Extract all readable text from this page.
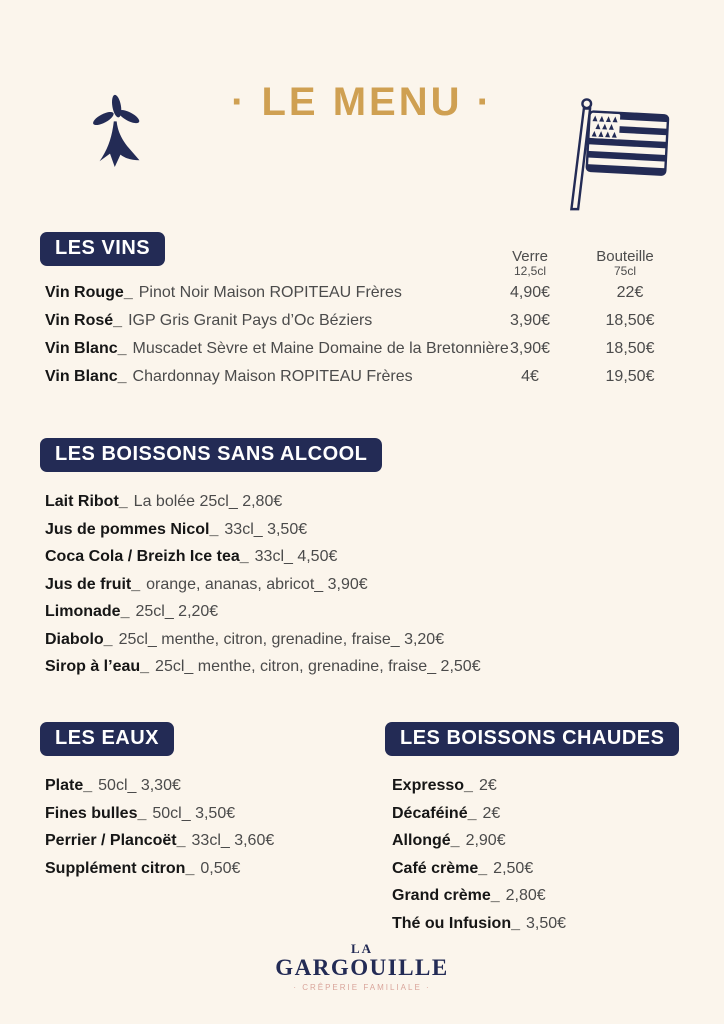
· LE MENU ·
LES VINS	Verre
12,5cl
Bouteille
75cl
Vin Rouge_ Pinot Noir Maison ROPITEAU Frères	4,90€	22€
Vin Rosé_ IGP Gris Granit Pays d’Oc Béziers	3,90€	18,50€
Vin Blanc_ Muscadet Sèvre et Maine Domaine de la Bretonnière 3,90€	18,50€
Vin Blanc_ Chardonnay Maison ROPITEAU Frères	4€	19,50€
LES BOISSONS SANS ALCOOL
Lait Ribot_ La bolée 25cl_ 2,80€
Jus de pommes Nicol_ 33cl_ 3,50€
Coca Cola / Breizh Ice tea_ 33cl_ 4,50€
Jus de fruit_ orange, ananas, abricot_ 3,90€
Limonade_ 25cl_ 2,20€
Diabolo_ 25cl_ menthe, citron, grenadine, fraise_ 3,20€
Sirop à l’eau_ 25cl_ menthe, citron, grenadine, fraise_ 2,50€
LES EAUX
Plate_ 50cl_ 3,30€
Fines bulles_ 50cl_ 3,50€
Perrier / Plancoët_ 33cl_ 3,60€
Supplément citron_ 0,50€
LES BOISSONS CHAUDES
Expresso_ 2€
Décaféiné_ 2€
Allongé_ 2,90€
Café crème_ 2,50€
Grand crème_ 2,80€
Thé ou Infusion_ 3,50€
LA
GARGOUILLE
· CRÊPERIE FAMILIALE ·
